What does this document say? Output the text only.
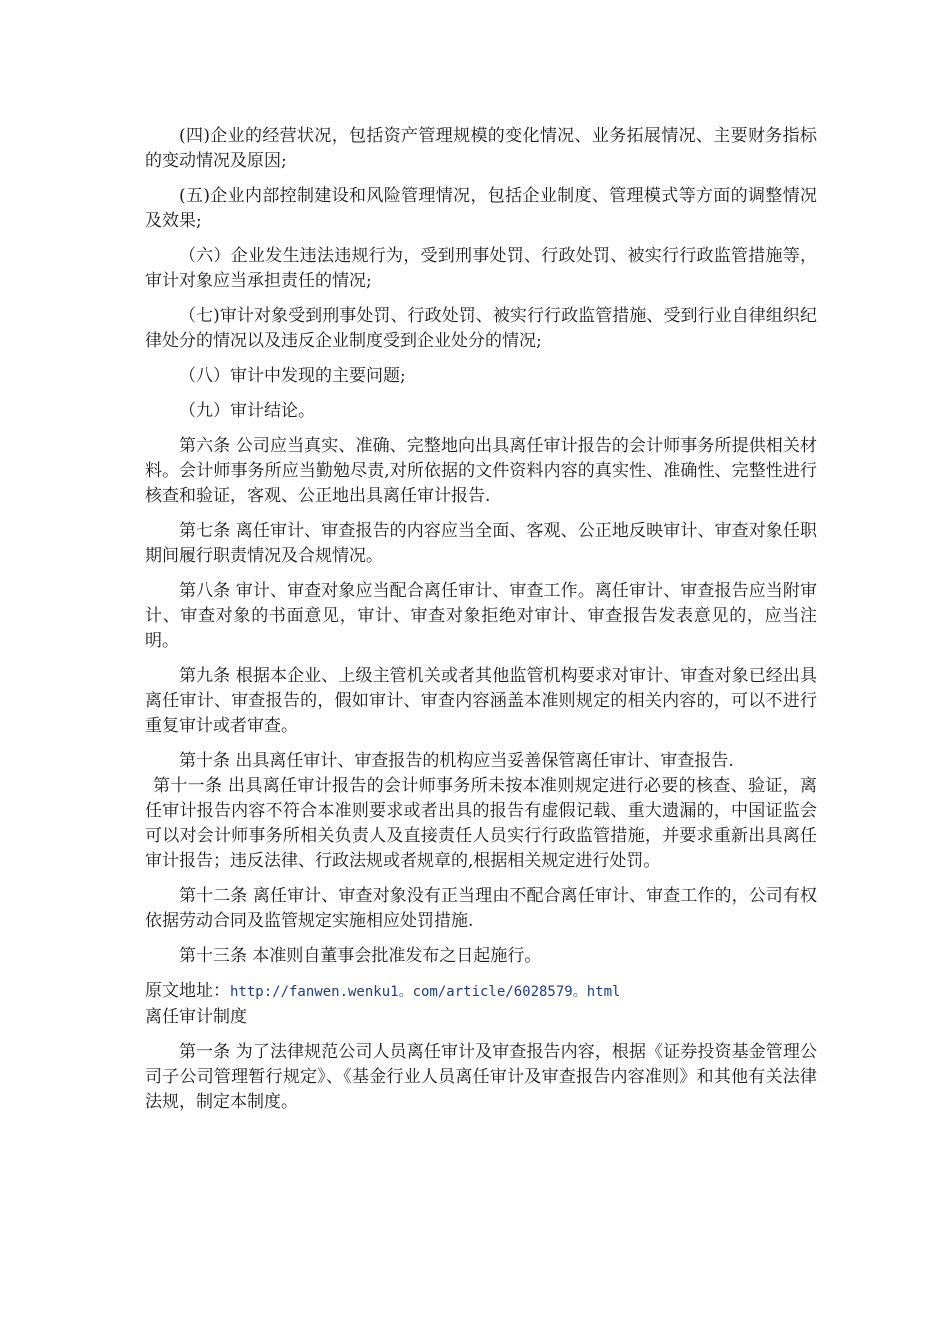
(四)企业的经营状况，包括资产管理规模的变化情况、业务拓展情况、主要财务指标的变动情况及原因;

(五)企业内部控制建设和风险管理情况，包括企业制度、管理模式等方面的调整情况及效果;

（六）企业发生违法违规行为，受到刑事处罚、行政处罚、被实行行政监管措施等，审计对象应当承担责任的情况;

（七)审计对象受到刑事处罚、行政处罚、被实行行政监管措施、受到行业自律组织纪律处分的情况以及违反企业制度受到企业处分的情况;

（八）审计中发现的主要问题;

（九）审计结论。

第六条 公司应当真实、准确、完整地向出具离任审计报告的会计师事务所提供相关材料。会计师事务所应当勤勉尽责,对所依据的文件资料内容的真实性、准确性、完整性进行核查和验证，客观、公正地出具离任审计报告.

第七条 离任审计、审查报告的内容应当全面、客观、公正地反映审计、审查对象任职期间履行职责情况及合规情况。

第八条 审计、审查对象应当配合离任审计、审查工作。离任审计、审查报告应当附审计、审查对象的书面意见，审计、审查对象拒绝对审计、审查报告发表意见的，应当注明。

第九条 根据本企业、上级主管机关或者其他监管机构要求对审计、审查对象已经出具离任审计、审查报告的，假如审计、审查内容涵盖本准则规定的相关内容的，可以不进行重复审计或者审查。

第十条 出具离任审计、审查报告的机构应当妥善保管离任审计、审查报告.

第十一条 出具离任审计报告的会计师事务所未按本准则规定进行必要的核查、验证，离任审计报告内容不符合本准则要求或者出具的报告有虚假记载、重大遗漏的，中国证监会可以对会计师事务所相关负责人及直接责任人员实行行政监管措施，并要求重新出具离任审计报告；违反法律、行政法规或者规章的,根据相关规定进行处罚。

第十二条 离任审计、审查对象没有正当理由不配合离任审计、审查工作的，公司有权依据劳动合同及监管规定实施相应处罚措施.

第十三条 本准则自董事会批准发布之日起施行。

原文地址：http://fanwen.wenku1。com/article/6028579。html

离任审计制度

第一条 为了法律规范公司人员离任审计及审查报告内容，根据《证券投资基金管理公司子公司管理暂行规定》、《基金行业人员离任审计及审查报告内容准则》和其他有关法律法规，制定本制度。
